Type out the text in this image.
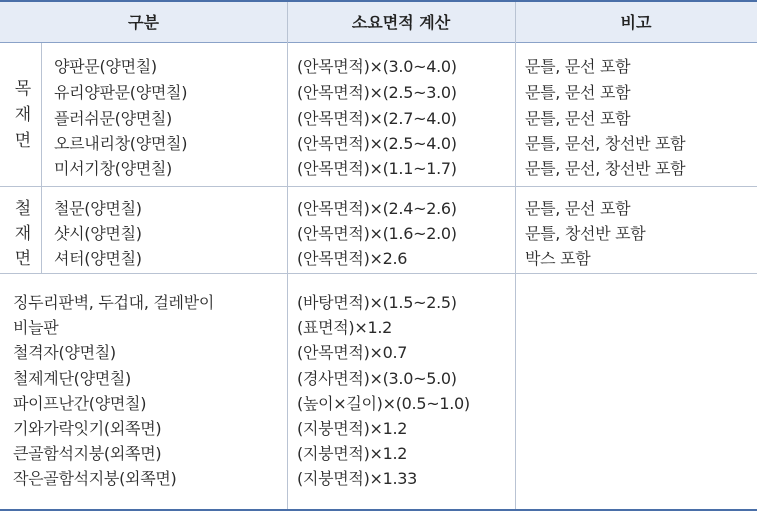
구분	소요면적 계산	비고
목
재
면
양판문(양면칠)
유리양판문(양면칠)
플러쉬문(양면칠)
오르내리창(양면칠)
미서기창(양면칠)
(안목면적)×(3.0~4.0)
(안목면적)×(2.5~3.0)
(안목면적)×(2.7~4.0)
(안목면적)×(2.5~4.0)
(안목면적)×(1.1~1.7)
문틀, 문선 포함
문틀, 문선 포함
문틀, 문선 포함
문틀, 문선, 창선반 포함
문틀, 문선, 창선반 포함
철
재
면
철문(양면칠)
샷시(양면칠)
셔터(양면칠)
(안목면적)×(2.4~2.6)
(안목면적)×(1.6~2.0)
(안목면적)×2.6
문틀, 문선 포함
문틀, 창선반 포함
박스 포함
징두리판벽, 두겁대, 걸레받이
비늘판
철격자(양면칠)
철제계단(양면칠)
파이프난간(양면칠)
기와가락잇기(외쪽면)
큰골함석지붕(외쪽면)
작은골함석지붕(외쪽면)
(바탕면적)×(1.5~2.5)
(표면적)×1.2
(안목면적)×0.7
(경사면적)×(3.0~5.0)
(높이×길이)×(0.5~1.0)
(지붕면적)×1.2
(지붕면적)×1.2
(지붕면적)×1.33
